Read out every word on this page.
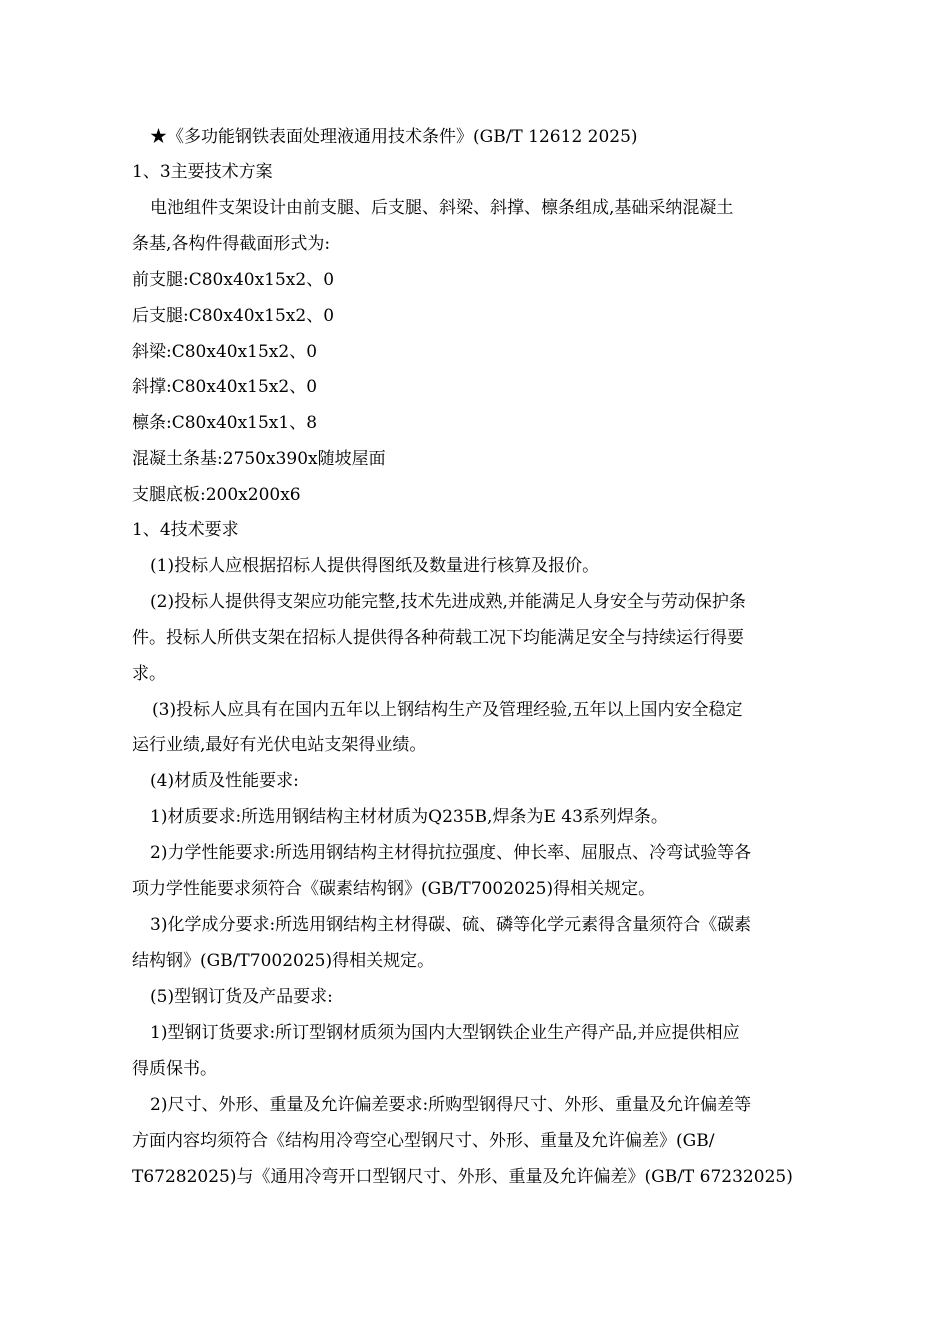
★《多功能钢铁表面处理液通用技术条件》(GB/T 12612 2025)
1、3主要技术方案
电池组件支架设计由前支腿、后支腿、斜梁、斜撑、檩条组成,基础采纳混凝土
条基,各构件得截面形式为:
前支腿:C80x40x15x2、0
后支腿:C80x40x15x2、0
斜梁:C80x40x15x2、0
斜撑:C80x40x15x2、0
檩条:C80x40x15x1、8
混凝土条基:2750x390x随坡屋面
支腿底板:200x200x6
1、4技术要求
(1)投标人应根据招标人提供得图纸及数量进行核算及报价。
(2)投标人提供得支架应功能完整,技术先进成熟,并能满足人身安全与劳动保护条
件。投标人所供支架在招标人提供得各种荷载工况下均能满足安全与持续运行得要
求。
(3)投标人应具有在国内五年以上钢结构生产及管理经验,五年以上国内安全稳定
运行业绩,最好有光伏电站支架得业绩。
(4)材质及性能要求:
1)材质要求:所选用钢结构主材材质为Q235B,焊条为E 43系列焊条。
2)力学性能要求:所选用钢结构主材得抗拉强度、伸长率、屈服点、冷弯试验等各
项力学性能要求须符合《碳素结构钢》(GB/T7002025)得相关规定。
3)化学成分要求:所选用钢结构主材得碳、硫、磷等化学元素得含量须符合《碳素
结构钢》(GB/T7002025)得相关规定。
(5)型钢订货及产品要求:
1)型钢订货要求:所订型钢材质须为国内大型钢铁企业生产得产品,并应提供相应
得质保书。
2)尺寸、外形、重量及允许偏差要求:所购型钢得尺寸、外形、重量及允许偏差等
方面内容均须符合《结构用冷弯空心型钢尺寸、外形、重量及允许偏差》(GB/
T67282025)与《通用冷弯开口型钢尺寸、外形、重量及允许偏差》(GB/T 67232025)
